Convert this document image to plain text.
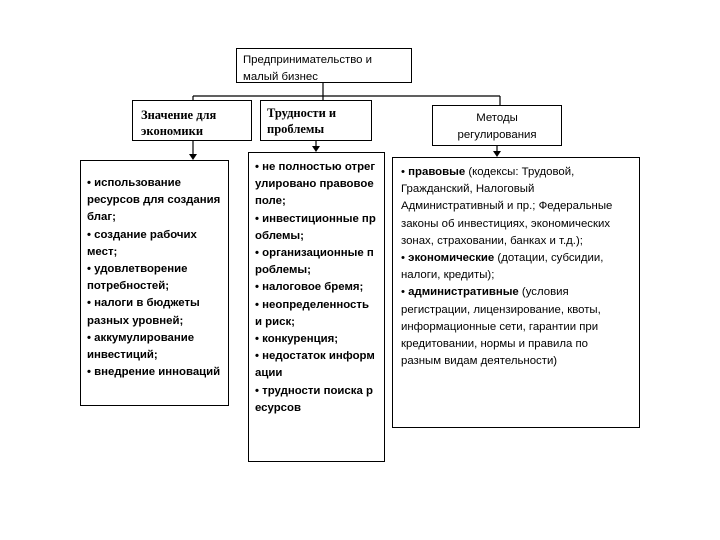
Предпринимательство и малый бизнес
Значение для экономики
Трудности и проблемы
Методы регулирования
• использование ресурсов для создания благ;
• создание рабочих мест;
• удовлетворение потребностей;
• налоги в бюджеты разных уровней;
• аккумулирование инвестиций;
• внедрение инноваций
• не полностью отрегулировано правовое поле;
• инвестиционные проблемы;
• организационные проблемы;
• налоговое бремя;
• неопределенность и риск;
• конкуренция;
• недостаток информации
• трудности поиска ресурсов
• правовые (кодексы: Трудовой, Гражданский, Налоговый Административный и пр.; Федеральные законы об инвестициях, экономических зонах, страховании, банках и т.д.);
• экономические (дотации, субсидии, налоги, кредиты);
• административные (условия регистрации, лицензирование, квоты, информационные сети, гарантии при кредитовании, нормы и правила по разным видам деятельности)
